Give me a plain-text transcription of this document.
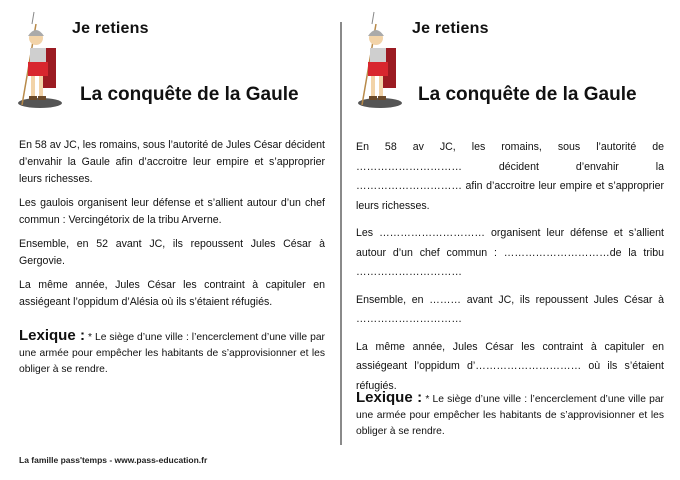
Je retiens
La conquête de la Gaule

En 58 av JC, les romains, sous l’autorité de Jules César décident d’envahir la Gaule afin d’accroitre leur empire et s’approprier leurs richesses.

Les gaulois organisent leur défense et s’allient autour d’un chef commun : Vercingétorix de la tribu Arverne.

Ensemble, en 52 avant JC, ils repoussent Jules César à Gergovie.

La même année, Jules César les contraint à capituler en assiégeant l’oppidum d’Alésia où ils s’étaient réfugiés.

Lexique : * Le siège d’une ville : l’encerclement d’une ville par une armée pour empêcher les habitants de s’approvisionner et les obliger à se rendre.
La famille pass'temps - www.pass-education.fr
Je retiens
La conquête de la Gaule

En 58 av JC, les romains, sous l’autorité de ………………………… décident d’envahir la ………………………… afin d’accroitre leur empire et s’approprier leurs richesses.

Les ………………………… organisent leur défense et s’allient autour d’un chef commun : …………………………de la tribu …………………………

Ensemble, en ……… avant JC, ils repoussent Jules César à …………………………

La même année, Jules César les contraint à capituler en assiégeant l’oppidum d’………………………… où ils s’étaient réfugiés.

Lexique : * Le siège d’une ville : l’encerclement d’une ville par une armée pour empêcher les habitants de s’approvisionner et les obliger à se rendre.
